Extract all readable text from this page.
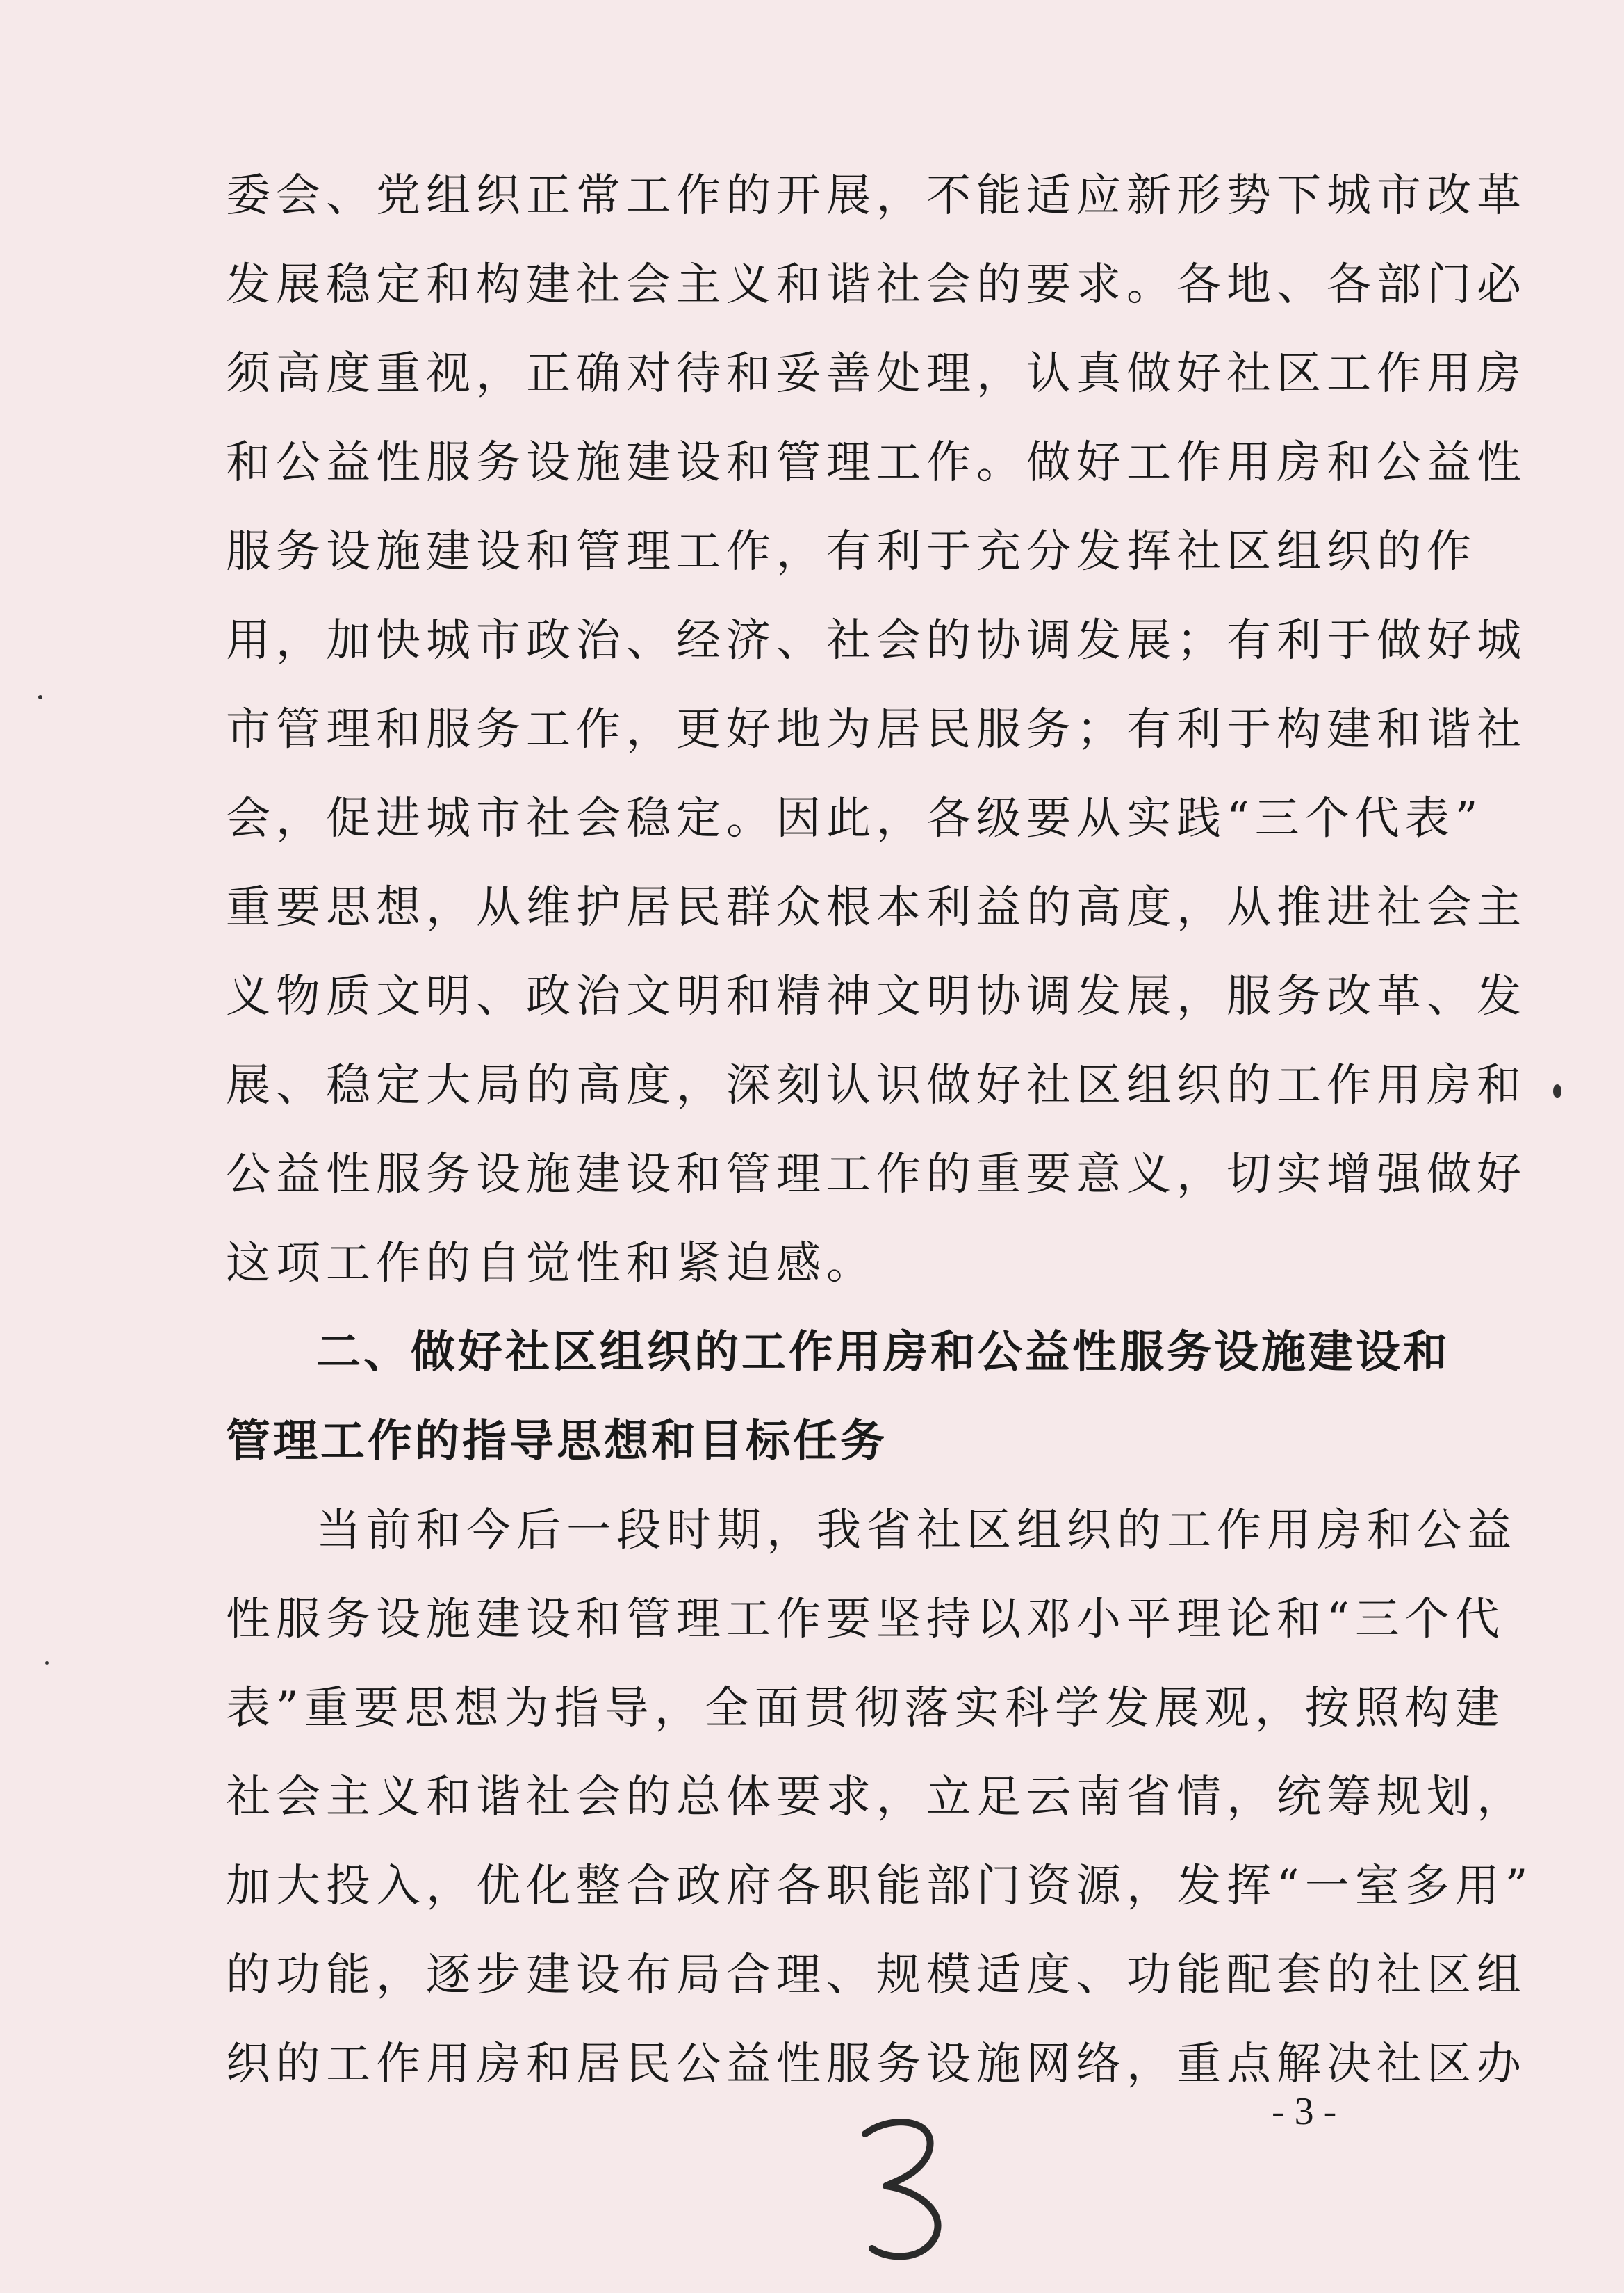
委会、党组织正常工作的开展，不能适应新形势下城市改革
发展稳定和构建社会主义和谐社会的要求。各地、各部门必
须高度重视，正确对待和妥善处理，认真做好社区工作用房
和公益性服务设施建设和管理工作。做好工作用房和公益性
服务设施建设和管理工作，有利于充分发挥社区组织的作
用，加快城市政治、经济、社会的协调发展；有利于做好城
市管理和服务工作，更好地为居民服务；有利于构建和谐社
会，促进城市社会稳定。因此，各级要从实践“三个代表”
重要思想，从维护居民群众根本利益的高度，从推进社会主
义物质文明、政治文明和精神文明协调发展，服务改革、发
展、稳定大局的高度，深刻认识做好社区组织的工作用房和
公益性服务设施建设和管理工作的重要意义，切实增强做好
这项工作的自觉性和紧迫感。
二、做好社区组织的工作用房和公益性服务设施建设和
管理工作的指导思想和目标任务
当前和今后一段时期，我省社区组织的工作用房和公益
性服务设施建设和管理工作要坚持以邓小平理论和“三个代
表”重要思想为指导，全面贯彻落实科学发展观，按照构建
社会主义和谐社会的总体要求，立足云南省情，统筹规划，
加大投入，优化整合政府各职能部门资源，发挥“一室多用”
- 3 -
的功能，逐步建设布局合理、规模适度、功能配套的社区组
织的工作用房和居民公益性服务设施网络，重点解决社区办
